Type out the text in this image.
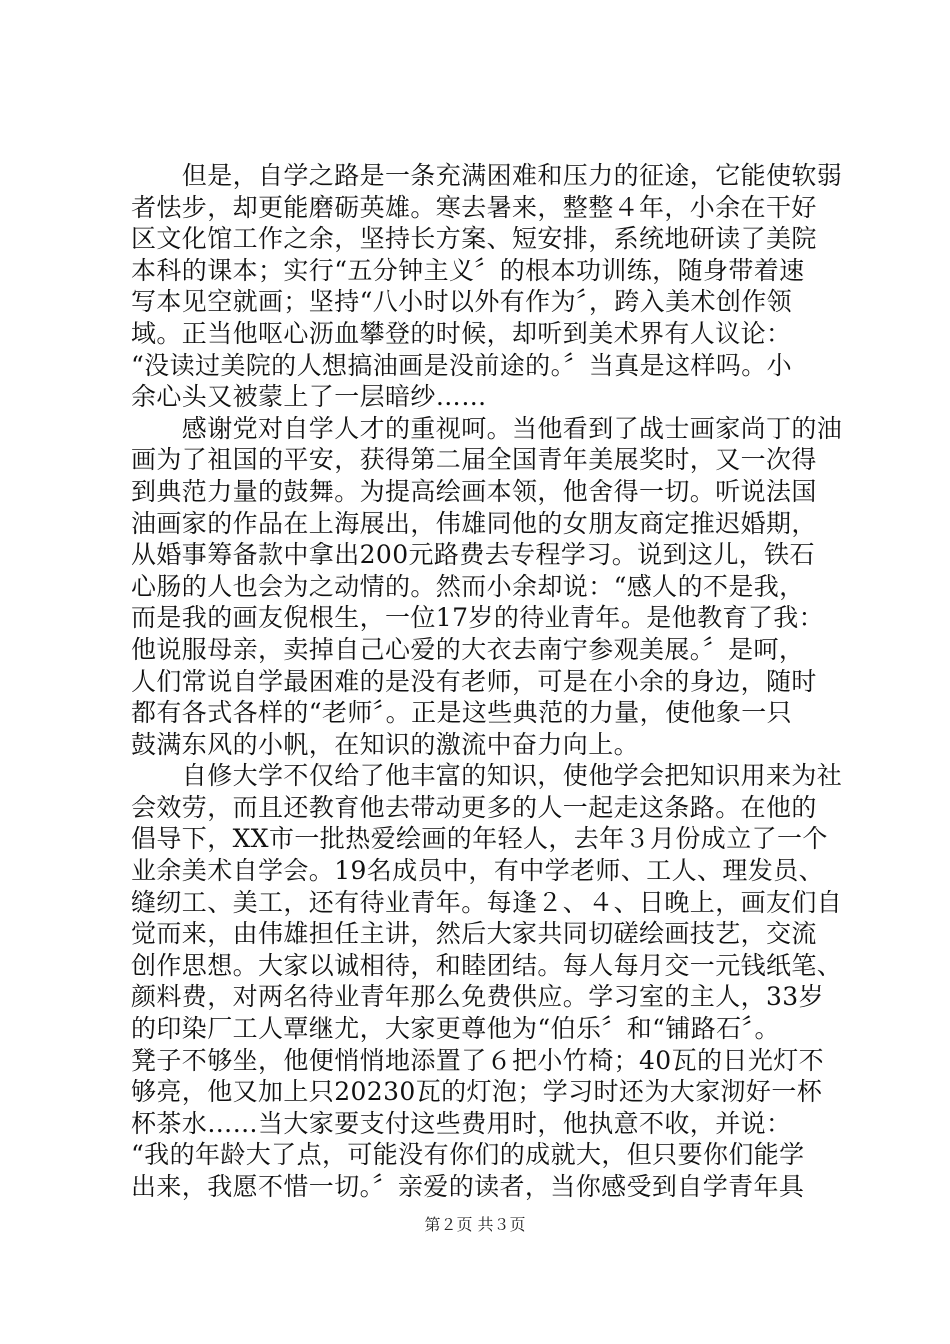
　　但是，自学之路是一条充满困难和压力的征途，它能使软弱
者怯步，却更能磨砺英雄。寒去暑来，整整４年，小余在干好
区文化馆工作之余，坚持长方案、短安排，系统地研读了美院
本科的课本；实行“五分钟主义〞的根本功训练，随身带着速
写本见空就画；坚持“八小时以外有作为〞，跨入美术创作领
域。正当他呕心沥血攀登的时候，却听到美术界有人议论：
“没读过美院的人想搞油画是没前途的。〞当真是这样吗。小
余心头又被蒙上了一层暗纱……

　　感谢党对自学人才的重视呵。当他看到了战士画家尚丁的油
画为了祖国的平安，获得第二届全国青年美展奖时，又一次得
到典范力量的鼓舞。为提高绘画本领，他舍得一切。听说法国
油画家的作品在上海展出，伟雄同他的女朋友商定推迟婚期，
从婚事筹备款中拿出200元路费去专程学习。说到这儿，铁石
心肠的人也会为之动情的。然而小余却说：“感人的不是我，
而是我的画友倪根生，一位17岁的待业青年。是他教育了我：
他说服母亲，卖掉自己心爱的大衣去南宁参观美展。〞是呵，
人们常说自学最困难的是没有老师，可是在小余的身边，随时
都有各式各样的“老师〞。正是这些典范的力量，使他象一只
鼓满东风的小帆，在知识的激流中奋力向上。

　　自修大学不仅给了他丰富的知识，使他学会把知识用来为社
会效劳，而且还教育他去带动更多的人一起走这条路。在他的
倡导下，XX市一批热爱绘画的年轻人，去年３月份成立了一个
业余美术自学会。19名成员中，有中学老师、工人、理发员、
缝纫工、美工，还有待业青年。每逢２、４、日晚上，画友们自
觉而来，由伟雄担任主讲，然后大家共同切磋绘画技艺，交流
创作思想。大家以诚相待，和睦团结。每人每月交一元钱纸笔、
颜料费，对两名待业青年那么免费供应。学习室的主人，33岁
的印染厂工人覃继尤，大家更尊他为“伯乐〞和“铺路石〞。
凳子不够坐，他便悄悄地添置了６把小竹椅；40瓦的日光灯不
够亮，他又加上只20230瓦的灯泡；学习时还为大家沏好一杯
杯茶水……当大家要支付这些费用时，他执意不收，并说：
“我的年龄大了点，可能没有你们的成就大，但只要你们能学
出来，我愿不惜一切。〞亲爱的读者，当你感受到自学青年具

第２页 共３页
